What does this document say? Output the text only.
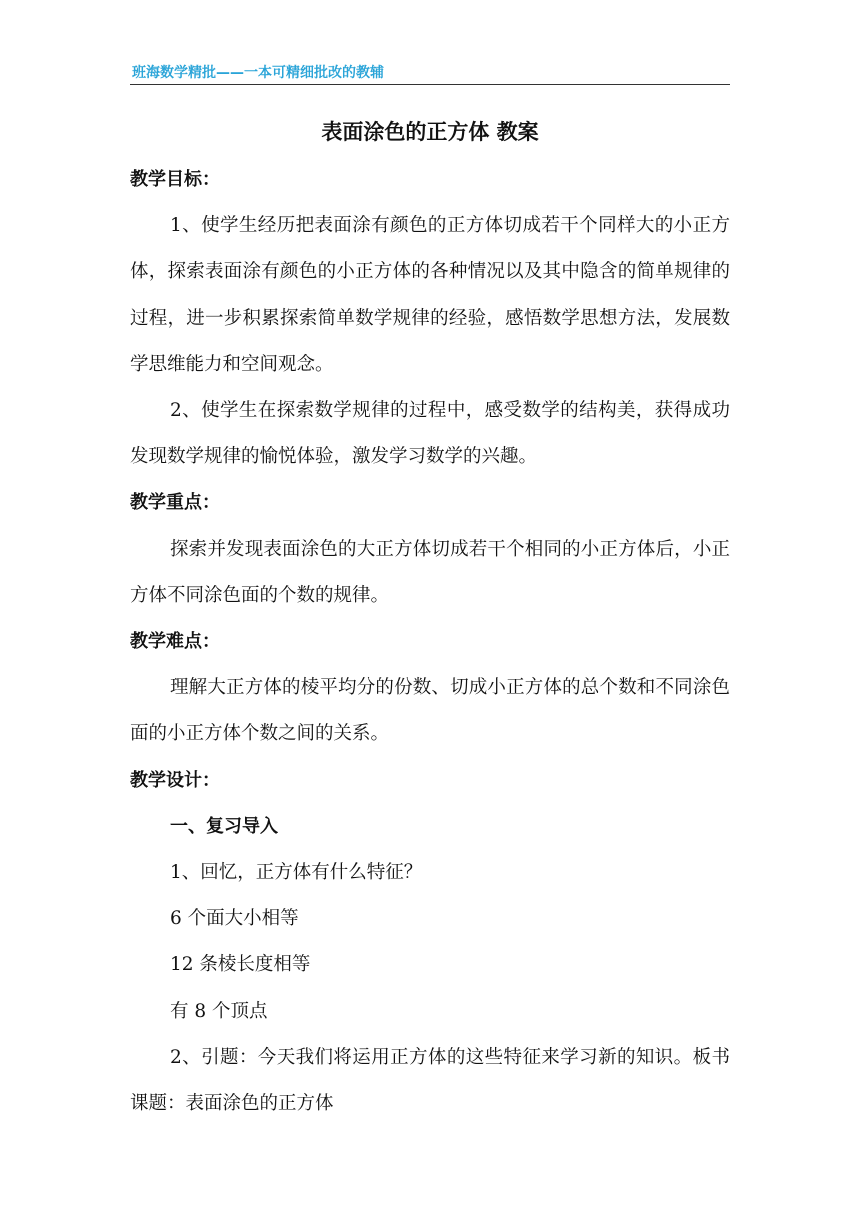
班海数学精批——一本可精细批改的教辅
表面涂色的正方体 教案

教学目标：

1、使学生经历把表面涂有颜色的正方体切成若干个同样大的小正方体，探索表面涂有颜色的小正方体的各种情况以及其中隐含的简单规律的过程，进一步积累探索简单数学规律的经验，感悟数学思想方法，发展数学思维能力和空间观念。

2、使学生在探索数学规律的过程中，感受数学的结构美，获得成功发现数学规律的愉悦体验，激发学习数学的兴趣。

教学重点：

探索并发现表面涂色的大正方体切成若干个相同的小正方体后，小正方体不同涂色面的个数的规律。

教学难点：

理解大正方体的棱平均分的份数、切成小正方体的总个数和不同涂色面的小正方体个数之间的关系。

教学设计：

一、复习导入

1、回忆，正方体有什么特征？

6 个面大小相等

12 条棱长度相等

有 8 个顶点

2、引题：今天我们将运用正方体的这些特征来学习新的知识。板书课题：表面涂色的正方体
